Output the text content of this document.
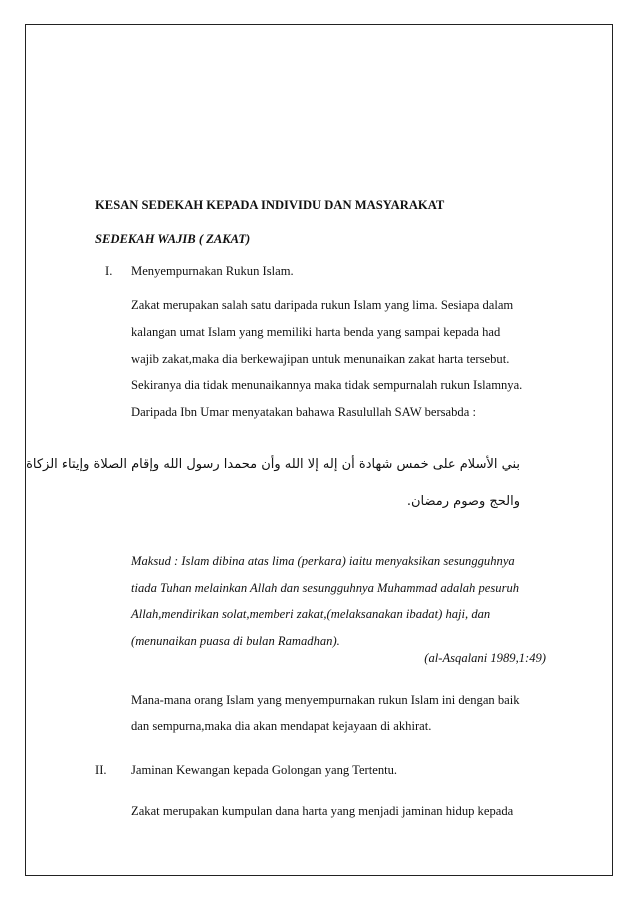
KESAN SEDEKAH KEPADA INDIVIDU DAN MASYARAKAT
SEDEKAH WAJIB ( ZAKAT)
I. Menyempurnakan Rukun Islam.
Zakat merupakan salah satu daripada rukun Islam yang lima. Sesiapa dalam
kalangan umat Islam yang memiliki harta benda yang sampai kepada had
wajib zakat,maka dia berkewajipan untuk menunaikan zakat harta tersebut.
Sekiranya dia tidak menunaikannya maka tidak sempurnalah rukun Islamnya.
Daripada Ibn Umar menyatakan bahawa Rasulullah SAW bersabda :
بني الأسلام على خمس شهادة أن إله إلا الله وأن محمدا رسول الله وإقام الصلاة وإيتاء الزكاة
والحج وصوم رمضان.
Maksud : Islam dibina atas lima (perkara) iaitu menyaksikan sesungguhnya
tiada Tuhan melainkan Allah dan sesungguhnya Muhammad adalah pesuruh
Allah,mendirikan solat,memberi zakat,(melaksanakan ibadat) haji, dan
(menunaikan puasa di bulan Ramadhan).
(al-Asqalani 1989,1:49)
Mana-mana orang Islam yang menyempurnakan rukun Islam ini dengan baik
dan sempurna,maka dia akan mendapat kejayaan di akhirat.
II. Jaminan Kewangan kepada Golongan yang Tertentu.
Zakat merupakan kumpulan dana harta yang menjadi jaminan hidup kepada
